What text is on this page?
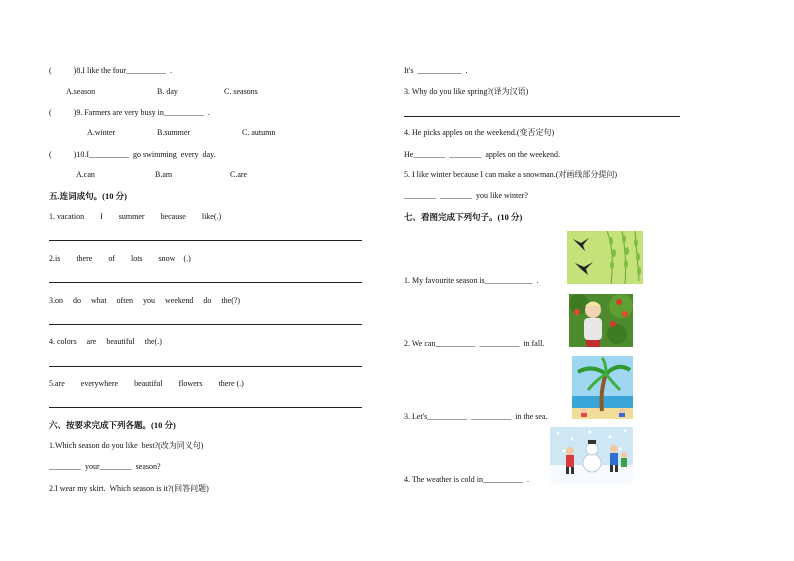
(           )8.I like the four__________  .
A.season	B. day	C. seasons
(           )9. Farmers are very busy in__________  .
A.winter	B.summer	C. autumn
(           )10.I__________  go swimming  every  day.
A.can	B.am	C.are
五.连词成句。(10 分)
1. vacation        I        summer        because        like(.)
2.is        there        of        lots        snow    (.)
3.on     do     what     often     you     weekend     do     the(?)
4. colors     are     beautiful     the(.)
5.are        everywhere        beautiful        flowers        there (.)
六、按要求完成下列各题。(10 分)
1.Which season do you like  best?(改为同义句)
________  your________  season?
2.I wear my skirt.  Which season is it?(回答问题)
It's  ___________  .
3. Why do you like spring?(译为汉语)
4. He picks apples on the weekend.(变否定句)
He________  ________  apples on the weekend.
5. I like winter because I can make a snowman.(对画线部分提问)
________  ________  you like winter?
七、看图完成下列句子。(10 分)
1. My favourite season is____________  .
2. We can__________  __________  in fall.
3. Let's__________  __________  in the sea.
4. The weather is cold in__________  .
